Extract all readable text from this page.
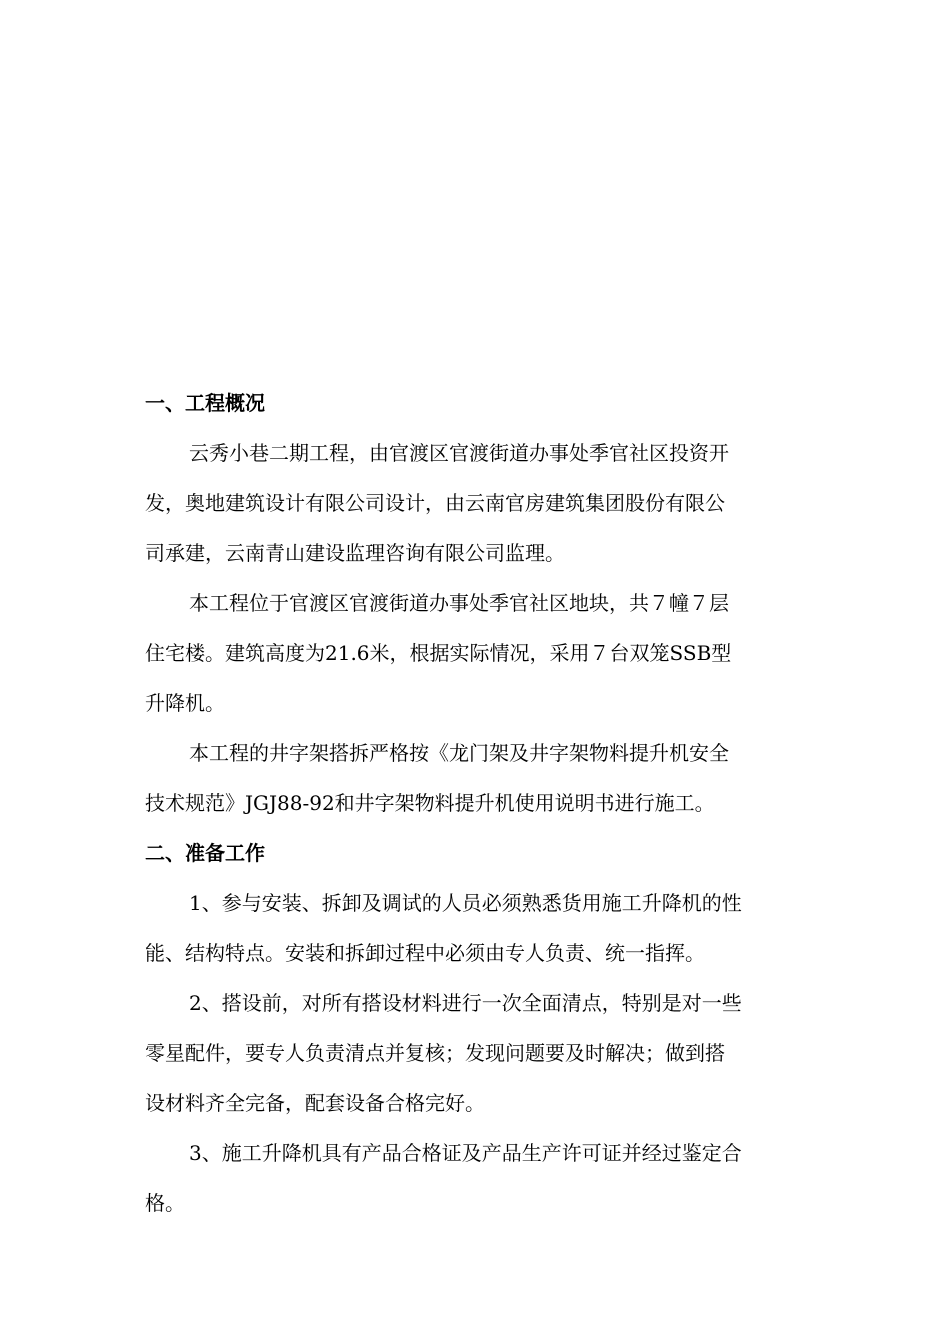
一、工程概况
云秀小巷二期工程，由官渡区官渡街道办事处季官社区投资开
发，奥地建筑设计有限公司设计，由云南官房建筑集团股份有限公
司承建，云南青山建设监理咨询有限公司监理。
本工程位于官渡区官渡街道办事处季官社区地块，共７幢７层
住宅楼。建筑高度为21.6米，根据实际情况，采用７台双笼SSB型
升降机。
本工程的井字架搭拆严格按《龙门架及井字架物料提升机安全
技术规范》JGJ88-92和井字架物料提升机使用说明书进行施工。
二、准备工作
1、参与安装、拆卸及调试的人员必须熟悉货用施工升降机的性
能、结构特点。安装和拆卸过程中必须由专人负责、统一指挥。
2、搭设前，对所有搭设材料进行一次全面清点，特别是对一些
零星配件，要专人负责清点并复核；发现问题要及时解决；做到搭
设材料齐全完备，配套设备合格完好。
3、施工升降机具有产品合格证及产品生产许可证并经过鉴定合
格。
